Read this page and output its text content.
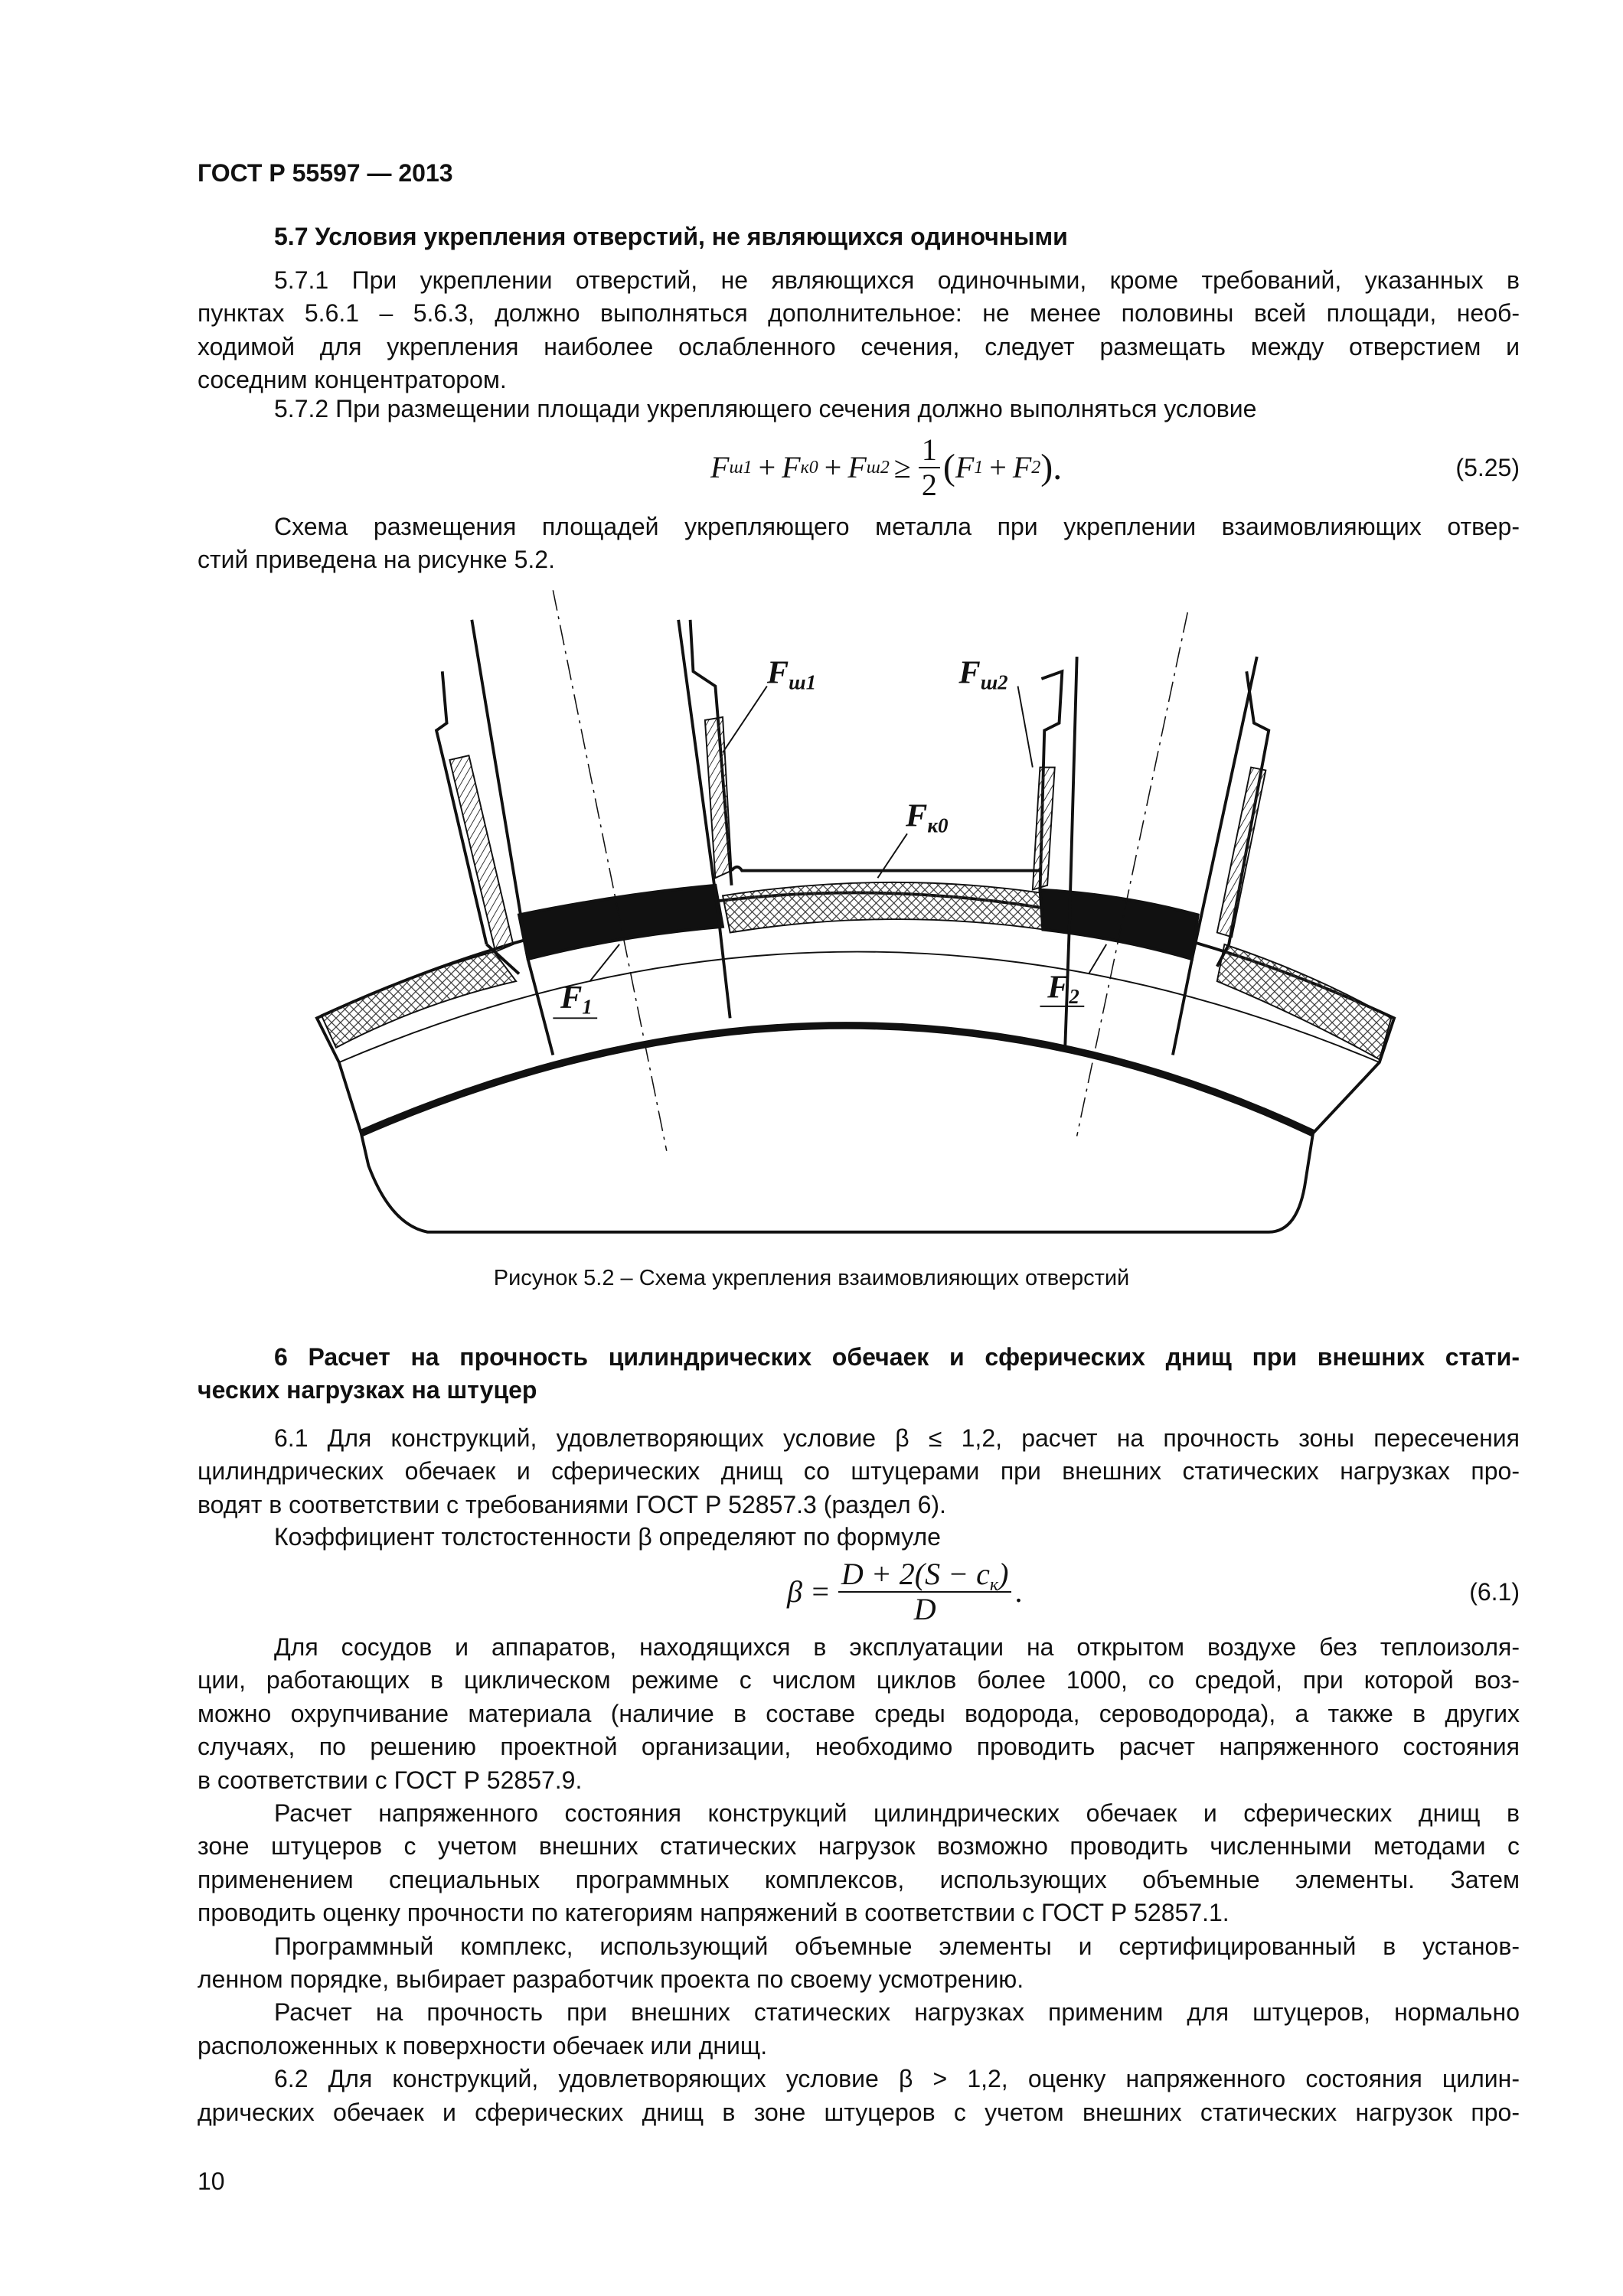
ГОСТ Р 55597 — 2013
5.7 Условия укрепления отверстий, не являющихся одиночными
5.7.1 При укреплении отверстий, не являющихся одиночными, кроме требований, указанных в
пунктах 5.6.1 – 5.6.3, должно выполняться дополнительное: не менее половины всей площади, необ-
ходимой для укрепления наиболее ослабленного сечения, следует размещать между отверстием и
соседним концентратором.
5.7.2 При размещении площади укрепляющего сечения должно выполняться условие
F ш1 + F к0 + F $ш2 \ge \frac{1}{2}$ ( F 1 + F 2 ).	(5.25)
Схема размещения площадей укрепляющего металла при укреплении взаимовлияющих отвер-
стий приведена на рисунке 5.2.
Fш1	Fш2
Fк0
F1
F2
Рисунок 5.2 – Схема укрепления взаимовлияющих отверстий
6 Расчет на прочность цилиндрических обечаек и сферических днищ при внешних стати-
ческих нагрузках на штуцер
6.1 Для конструкций, удовлетворяющих условие β ≤ 1,2, расчет на прочность зоны пересечения
цилиндрических обечаек и сферических днищ со штуцерами при внешних статических нагрузках про-
водят в соответствии с требованиями ГОСТ Р 52857.3 (раздел 6).
Коэффициент толстостенности β определяют по формуле
$\beta = \frac{D + 2(S - c_к)}{D}$ .	(6.1)
Для сосудов и аппаратов, находящихся в эксплуатации на открытом воздухе без теплоизоля-
ции, работающих в циклическом режиме с числом циклов более 1000, со средой, при которой воз-
можно охрупчивание материала (наличие в составе среды водорода, сероводорода), а также в других
случаях, по решению проектной организации, необходимо проводить расчет напряженного состояния
в соответствии с ГОСТ Р 52857.9.
Расчет напряженного состояния конструкций цилиндрических обечаек и сферических днищ в
зоне штуцеров с учетом внешних статических нагрузок возможно проводить численными методами с
применением специальных программных комплексов, использующих объемные элементы. Затем
проводить оценку прочности по категориям напряжений в соответствии с ГОСТ Р 52857.1.
Программный комплекс, использующий объемные элементы и сертифицированный в установ-
ленном порядке, выбирает разработчик проекта по своему усмотрению.
Расчет на прочность при внешних статических нагрузках применим для штуцеров, нормально
расположенных к поверхности обечаек или днищ.
6.2 Для конструкций, удовлетворяющих условие β > 1,2, оценку напряженного состояния цилин-
дрических обечаек и сферических днищ в зоне штуцеров с учетом внешних статических нагрузок про-
10
